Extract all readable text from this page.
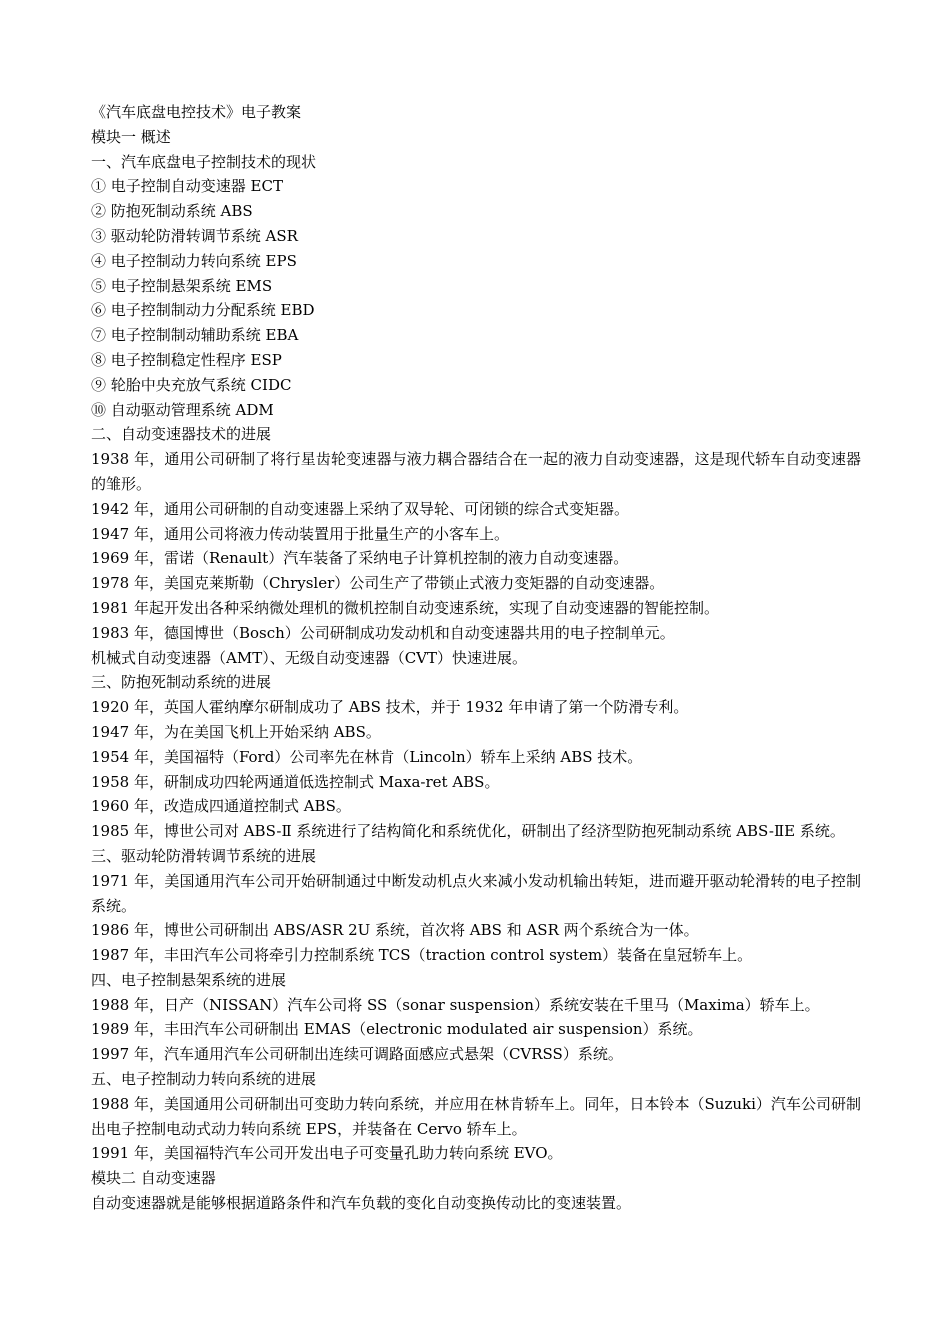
《汽车底盘电控技术》电子教案

模块一 概述

一、汽车底盘电子控制技术的现状

① 电子控制自动变速器 ECT

② 防抱死制动系统 ABS

③ 驱动轮防滑转调节系统 ASR

④ 电子控制动力转向系统 EPS

⑤ 电子控制悬架系统 EMS

⑥ 电子控制制动力分配系统 EBD

⑦ 电子控制制动辅助系统 EBA

⑧ 电子控制稳定性程序 ESP

⑨ 轮胎中央充放气系统 CIDC

⑩ 自动驱动管理系统 ADM

二、自动变速器技术的进展

1938 年，通用公司研制了将行星齿轮变速器与液力耦合器结合在一起的液力自动变速器，这是现代轿车自动变速器的雏形。

1942 年，通用公司研制的自动变速器上采纳了双导轮、可闭锁的综合式变矩器。

1947 年，通用公司将液力传动装置用于批量生产的小客车上。

1969 年，雷诺（Renault）汽车装备了采纳电子计算机控制的液力自动变速器。

1978 年，美国克莱斯勒（Chrysler）公司生产了带锁止式液力变矩器的自动变速器。

1981 年起开发出各种采纳微处理机的微机控制自动变速系统，实现了自动变速器的智能控制。

1983 年，德国博世（Bosch）公司研制成功发动机和自动变速器共用的电子控制单元。

机械式自动变速器（AMT）、无级自动变速器（CVT）快速进展。

三、防抱死制动系统的进展

1920 年，英国人霍纳摩尔研制成功了 ABS 技术，并于 1932 年申请了第一个防滑专利。

1947 年，为在美国飞机上开始采纳 ABS。

1954 年，美国福特（Ford）公司率先在林肯（Lincoln）轿车上采纳 ABS 技术。

1958 年，研制成功四轮两通道低选控制式 Maxa-ret ABS。

1960 年，改造成四通道控制式 ABS。

1985 年，博世公司对 ABS-Ⅱ 系统进行了结构简化和系统优化，研制出了经济型防抱死制动系统 ABS-ⅡE 系统。

三、驱动轮防滑转调节系统的进展

1971 年，美国通用汽车公司开始研制通过中断发动机点火来减小发动机输出转矩，进而避开驱动轮滑转的电子控制系统。

1986 年，博世公司研制出 ABS/ASR 2U 系统，首次将 ABS 和 ASR 两个系统合为一体。

1987 年，丰田汽车公司将牵引力控制系统 TCS（traction control system）装备在皇冠轿车上。

四、电子控制悬架系统的进展

1988 年，日产（NISSAN）汽车公司将 SS（sonar suspension）系统安装在千里马（Maxima）轿车上。

1989 年，丰田汽车公司研制出 EMAS（electronic modulated air suspension）系统。

1997 年，汽车通用汽车公司研制出连续可调路面感应式悬架（CVRSS）系统。

五、电子控制动力转向系统的进展

1988 年，美国通用公司研制出可变助力转向系统，并应用在林肯轿车上。同年，日本铃本（Suzuki）汽车公司研制出电子控制电动式动力转向系统 EPS，并装备在 Cervo 轿车上。

1991 年，美国福特汽车公司开发出电子可变量孔助力转向系统 EVO。

模块二 自动变速器

自动变速器就是能够根据道路条件和汽车负载的变化自动变换传动比的变速装置。
